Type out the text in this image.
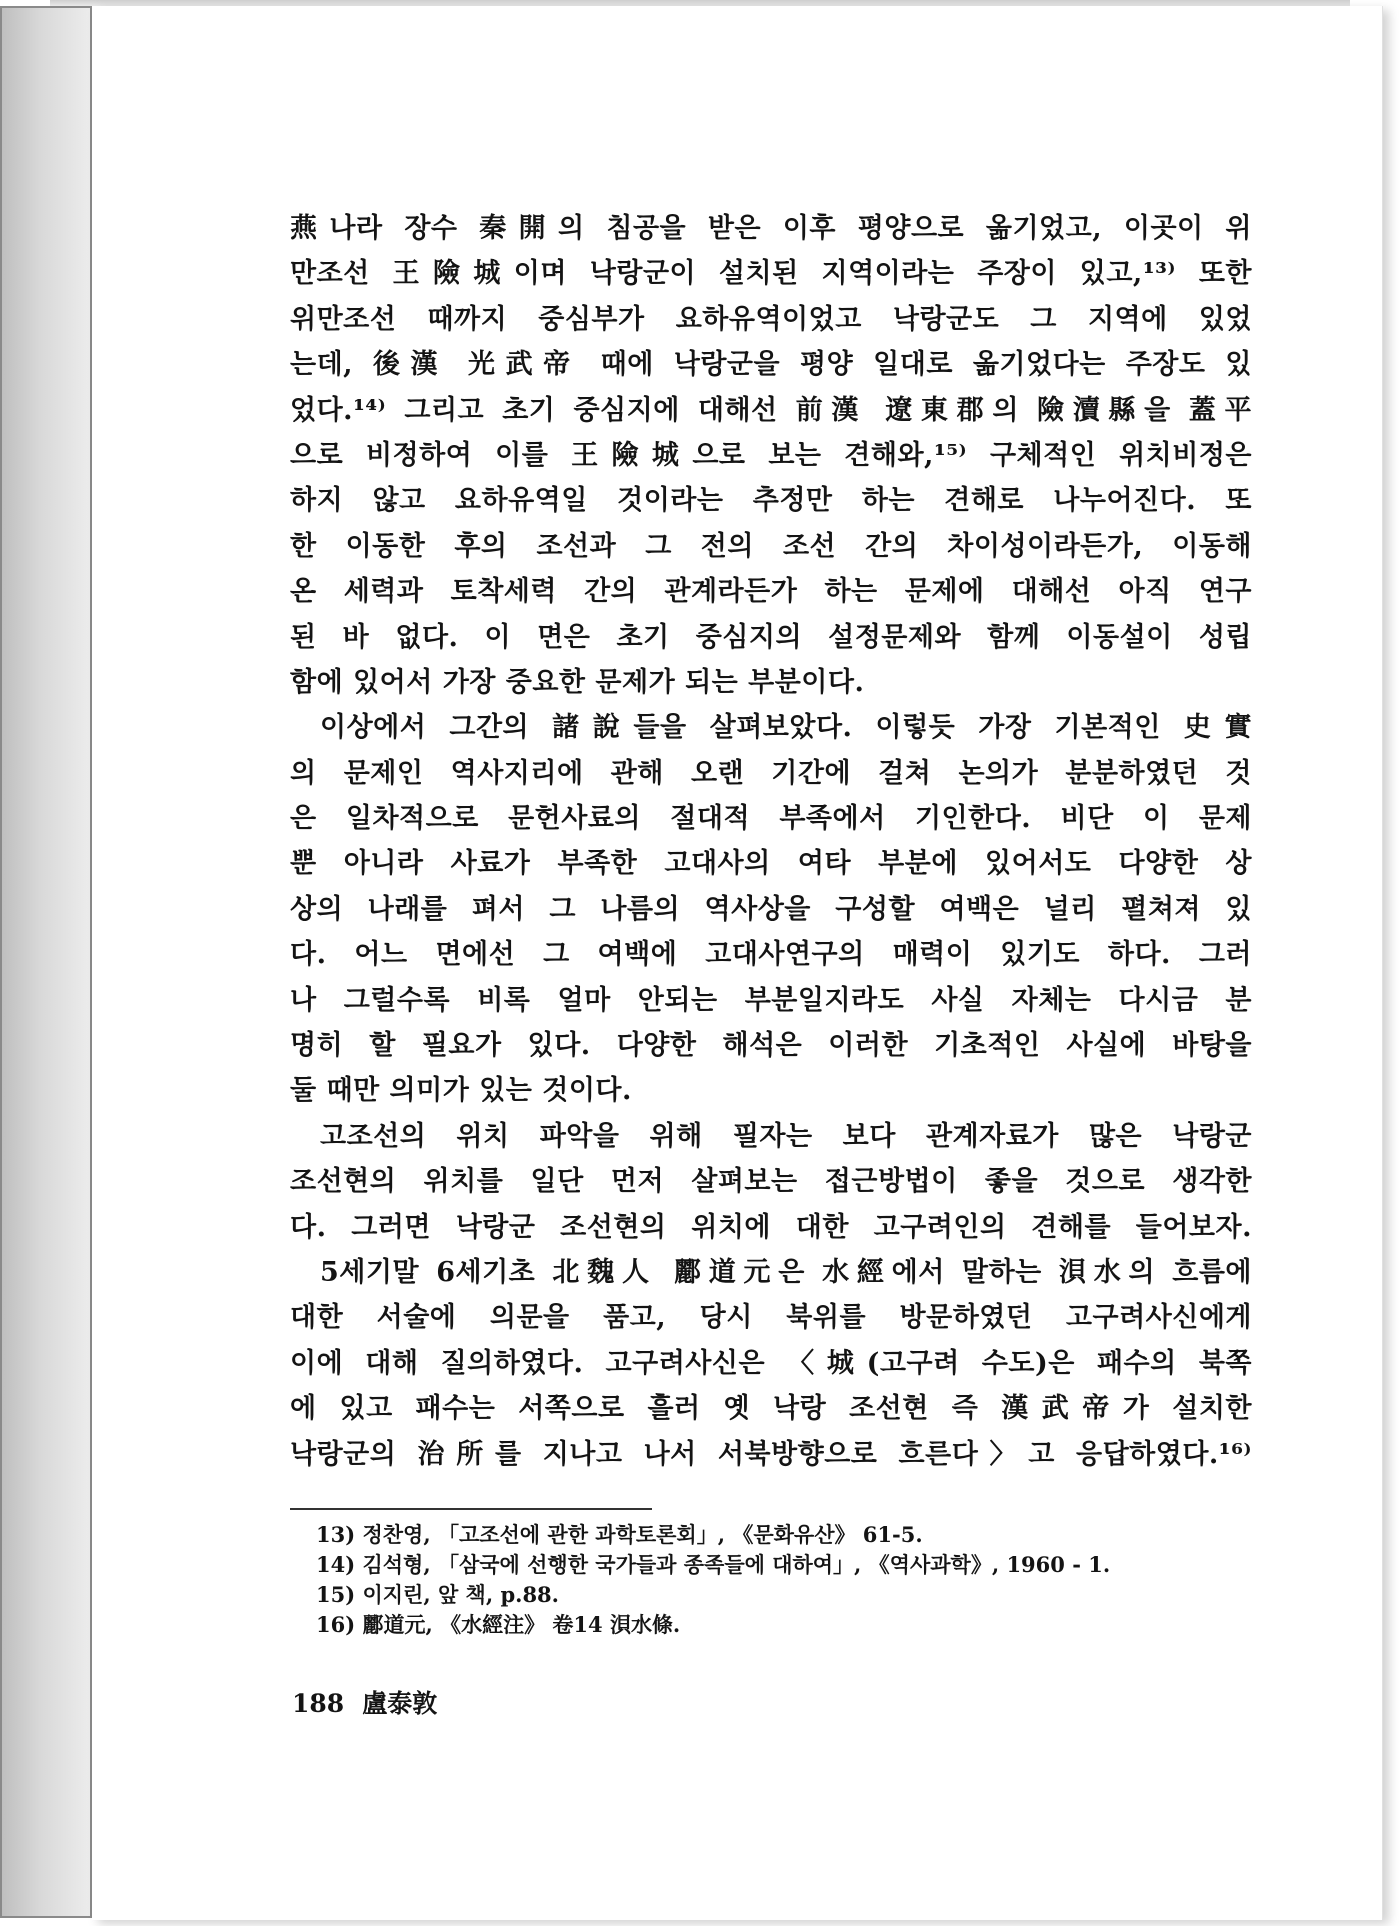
燕나라 장수 秦開의 침공을 받은 이후 평양으로 옮기었고, 이곳이 위
만조선 王險城이며 낙랑군이 설치된 지역이라는 주장이 있고,¹³⁾ 또한
위만조선 때까지 중심부가 요하유역이었고 낙랑군도 그 지역에 있었
는데, 後漢 光武帝 때에 낙랑군을 평양 일대로 옮기었다는 주장도 있
었다.¹⁴⁾ 그리고 초기 중심지에 대해선 前漢 遼東郡의 險瀆縣을 蓋平
으로 비정하여 이를 王險城으로 보는 견해와,¹⁵⁾ 구체적인 위치비정은
하지 않고 요하유역일 것이라는 추정만 하는 견해로 나누어진다. 또
한 이동한 후의 조선과 그 전의 조선 간의 차이성이라든가, 이동해
온 세력과 토착세력 간의 관계라든가 하는 문제에 대해선 아직 연구
된 바 없다. 이 면은 초기 중심지의 설정문제와 함께 이동설이 성립
함에 있어서 가장 중요한 문제가 되는 부분이다.
이상에서 그간의 諸說들을 살펴보았다. 이렇듯 가장 기본적인 史實
의 문제인 역사지리에 관해 오랜 기간에 걸쳐 논의가 분분하였던 것
은 일차적으로 문헌사료의 절대적 부족에서 기인한다. 비단 이 문제
뿐 아니라 사료가 부족한 고대사의 여타 부분에 있어서도 다양한 상
상의 나래를 펴서 그 나름의 역사상을 구성할 여백은 널리 펼쳐져 있
다. 어느 면에선 그 여백에 고대사연구의 매력이 있기도 하다. 그러
나 그럴수록 비록 얼마 안되는 부분일지라도 사실 자체는 다시금 분
명히 할 필요가 있다. 다양한 해석은 이러한 기초적인 사실에 바탕을
둘 때만 의미가 있는 것이다.
고조선의 위치 파악을 위해 필자는 보다 관계자료가 많은 낙랑군
조선현의 위치를 일단 먼저 살펴보는 접근방법이 좋을 것으로 생각한
다. 그러면 낙랑군 조선현의 위치에 대한 고구려인의 견해를 들어보자.
5세기말 6세기초 北魏人 酈道元은 水經에서 말하는 浿水의 흐름에
대한 서술에 의문을 품고, 당시 북위를 방문하였던 고구려사신에게
이에 대해 질의하였다. 고구려사신은 〈城(고구려 수도)은 패수의 북쪽
에 있고 패수는 서쪽으로 흘러 옛 낙랑 조선현 즉 漢武帝가 설치한
낙랑군의 治所를 지나고 나서 서북방향으로 흐른다〉고 응답하였다.¹⁶⁾
13) 정찬영, 「고조선에 관한 과학토론회」, 《문화유산》 61-5.
14) 김석형, 「삼국에 선행한 국가들과 종족들에 대하여」, 《역사과학》, 1960 - 1.
15) 이지린, 앞 책, p.88.
16) 酈道元, 《水經注》 卷14 浿水條.
188 盧泰敦
